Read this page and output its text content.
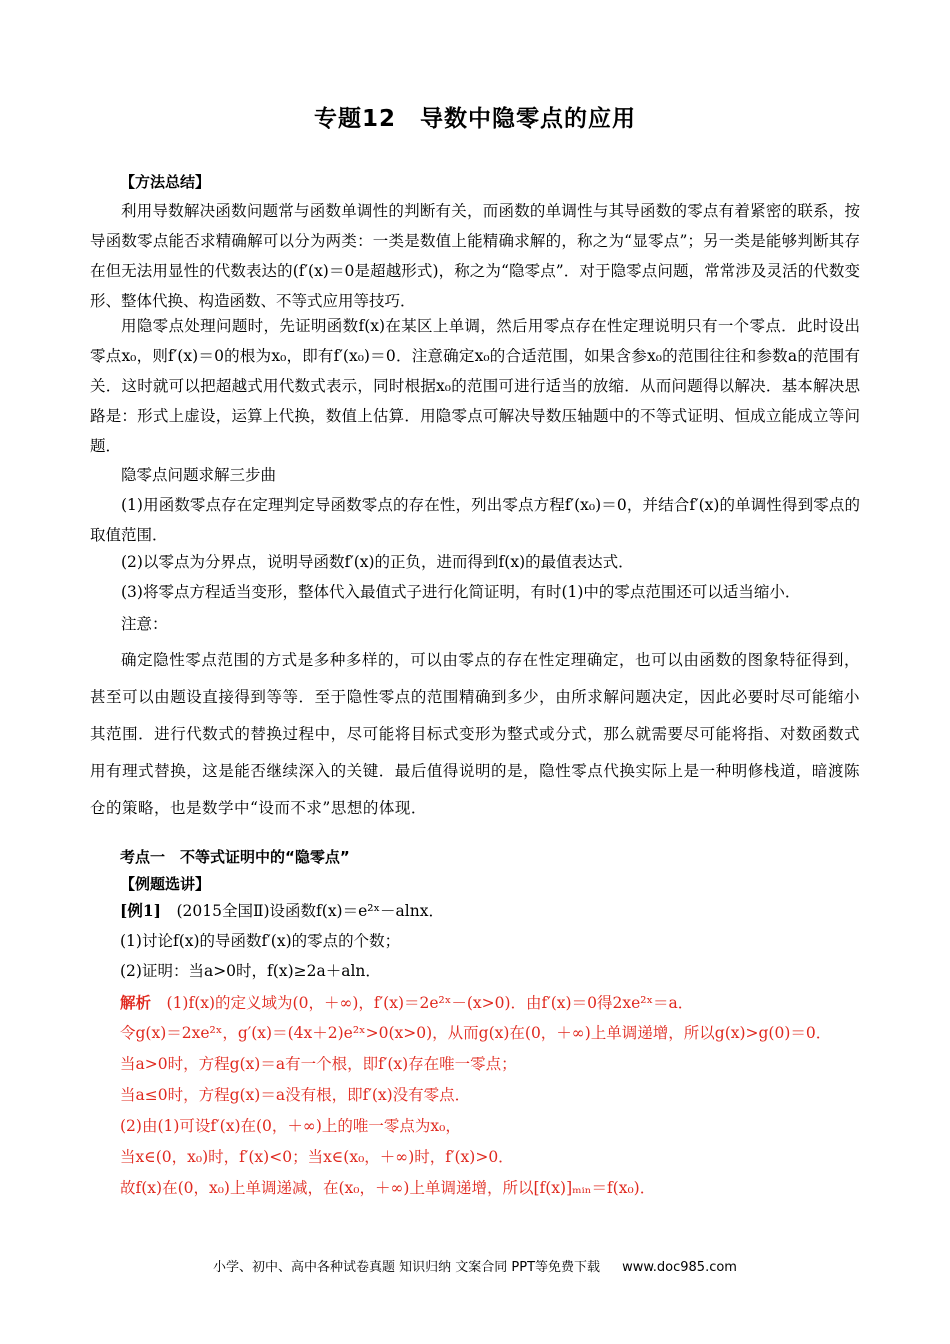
专题12　导数中隐零点的应用
【方法总结】

利用导数解决函数问题常与函数单调性的判断有关，而函数的单调性与其导函数的零点有着紧密的联系，按导函数零点能否求精确解可以分为两类：一类是数值上能精确求解的，称之为“显零点”；另一类是能够判断其存在但无法用显性的代数表达的(f′(x)＝0是超越形式)，称之为“隐零点”．对于隐零点问题，常常涉及灵活的代数变形、整体代换、构造函数、不等式应用等技巧．

用隐零点处理问题时，先证明函数f(x)在某区上单调，然后用零点存在性定理说明只有一个零点．此时设出零点x₀，则f′(x)＝0的根为x₀，即有f′(x₀)＝0．注意确定x₀的合适范围，如果含参x₀的范围往往和参数a的范围有关．这时就可以把超越式用代数式表示，同时根据x₀的范围可进行适当的放缩．从而问题得以解决．基本解决思路是：形式上虚设，运算上代换，数值上估算．用隐零点可解决导数压轴题中的不等式证明、恒成立能成立等问题．

隐零点问题求解三步曲

(1)用函数零点存在定理判定导函数零点的存在性，列出零点方程f′(x₀)＝0，并结合f′(x)的单调性得到零点的取值范围．

(2)以零点为分界点，说明导函数f′(x)的正负，进而得到f(x)的最值表达式．

(3)将零点方程适当变形，整体代入最值式子进行化简证明，有时(1)中的零点范围还可以适当缩小．

注意：

确定隐性零点范围的方式是多种多样的，可以由零点的存在性定理确定，也可以由函数的图象特征得到，甚至可以由题设直接得到等等．至于隐性零点的范围精确到多少，由所求解问题决定，因此必要时尽可能缩小其范围．进行代数式的替换过程中，尽可能将目标式变形为整式或分式，那么就需要尽可能将指、对数函数式用有理式替换，这是能否继续深入的关键．最后值得说明的是，隐性零点代换实际上是一种明修栈道，暗渡陈仓的策略，也是数学中“设而不求”思想的体现．

考点一　不等式证明中的“隐零点”
【例题选讲】

[例1]　(2015全国Ⅱ)设函数f(x)＝e²ˣ－alnx．

(1)讨论f(x)的导函数f′(x)的零点的个数；

(2)证明：当a>0时，f(x)≥2a＋aln．

解析　(1)f(x)的定义域为(0，＋∞)，f′(x)＝2e²ˣ－(x>0)．由f′(x)＝0得2xe²ˣ＝a．

令g(x)＝2xe²ˣ，g′(x)＝(4x＋2)e²ˣ>0(x>0)，从而g(x)在(0，＋∞)上单调递增，所以g(x)>g(0)＝0．

当a>0时，方程g(x)＝a有一个根，即f′(x)存在唯一零点；

当a≤0时，方程g(x)＝a没有根，即f′(x)没有零点．

(2)由(1)可设f′(x)在(0，＋∞)上的唯一零点为x₀，

当x∈(0，x₀)时，f′(x)<0；当x∈(x₀，＋∞)时，f′(x)>0．

故f(x)在(0，x₀)上单调递减，在(x₀，＋∞)上单调递增，所以[f(x)]ₘᵢₙ＝f(x₀)．

小学、初中、高中各种试卷真题 知识归纳 文案合同 PPT等免费下载 www.doc985.com
